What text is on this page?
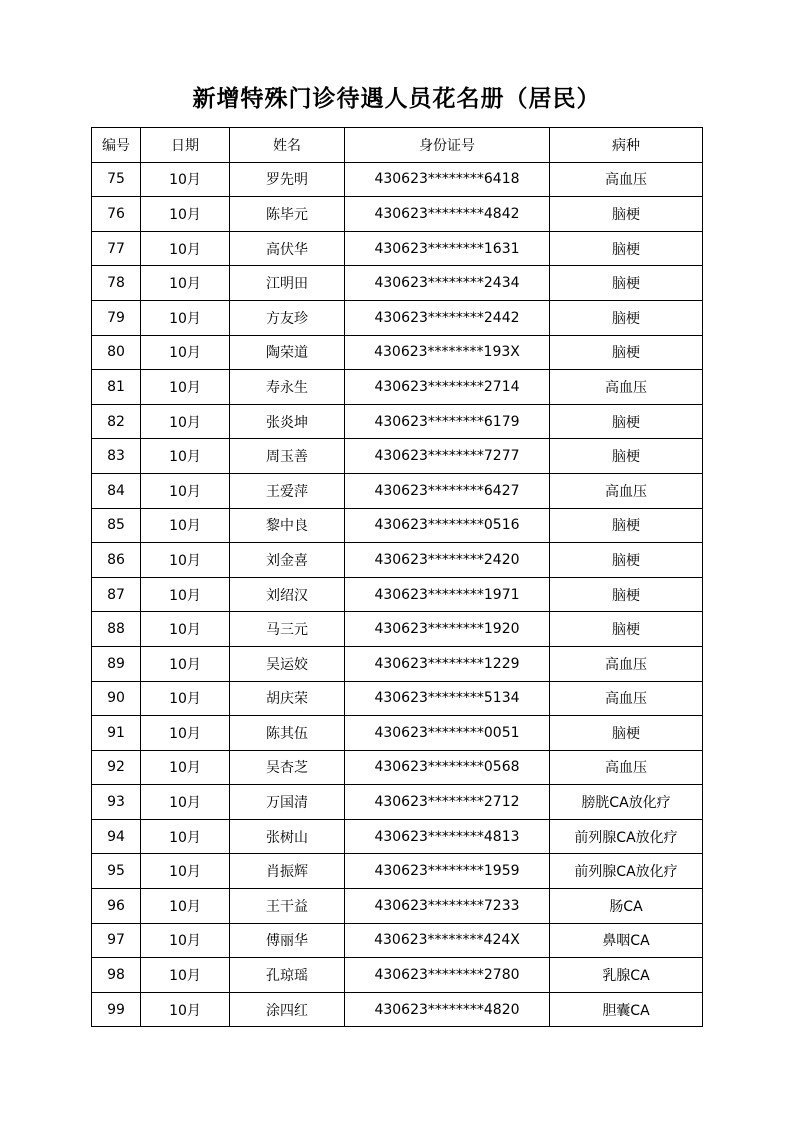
新增特殊门诊待遇人员花名册（居民）
编号	日期	姓名	身份证号	病种
75	10月	罗先明	430623********6418	高血压
76	10月	陈毕元	430623********4842	脑梗
77	10月	高伏华	430623********1631	脑梗
78	10月	江明田	430623********2434	脑梗
79	10月	方友珍	430623********2442	脑梗
80	10月	陶荣道	430623********193X	脑梗
81	10月	寿永生	430623********2714	高血压
82	10月	张炎坤	430623********6179	脑梗
83	10月	周玉善	430623********7277	脑梗
84	10月	王爱萍	430623********6427	高血压
85	10月	黎中良	430623********0516	脑梗
86	10月	刘金喜	430623********2420	脑梗
87	10月	刘绍汉	430623********1971	脑梗
88	10月	马三元	430623********1920	脑梗
89	10月	吴运姣	430623********1229	高血压
90	10月	胡庆荣	430623********5134	高血压
91	10月	陈其伍	430623********0051	脑梗
92	10月	吴杏芝	430623********0568	高血压
93	10月	万国清	430623********2712	膀胱CA放化疗
94	10月	张树山	430623********4813	前列腺CA放化疗
95	10月	肖振辉	430623********1959	前列腺CA放化疗
96	10月	王干益	430623********7233	肠CA
97	10月	傅丽华	430623********424X	鼻咽CA
98	10月	孔琼瑶	430623********2780	乳腺CA
99	10月	涂四红	430623********4820	胆囊CA
